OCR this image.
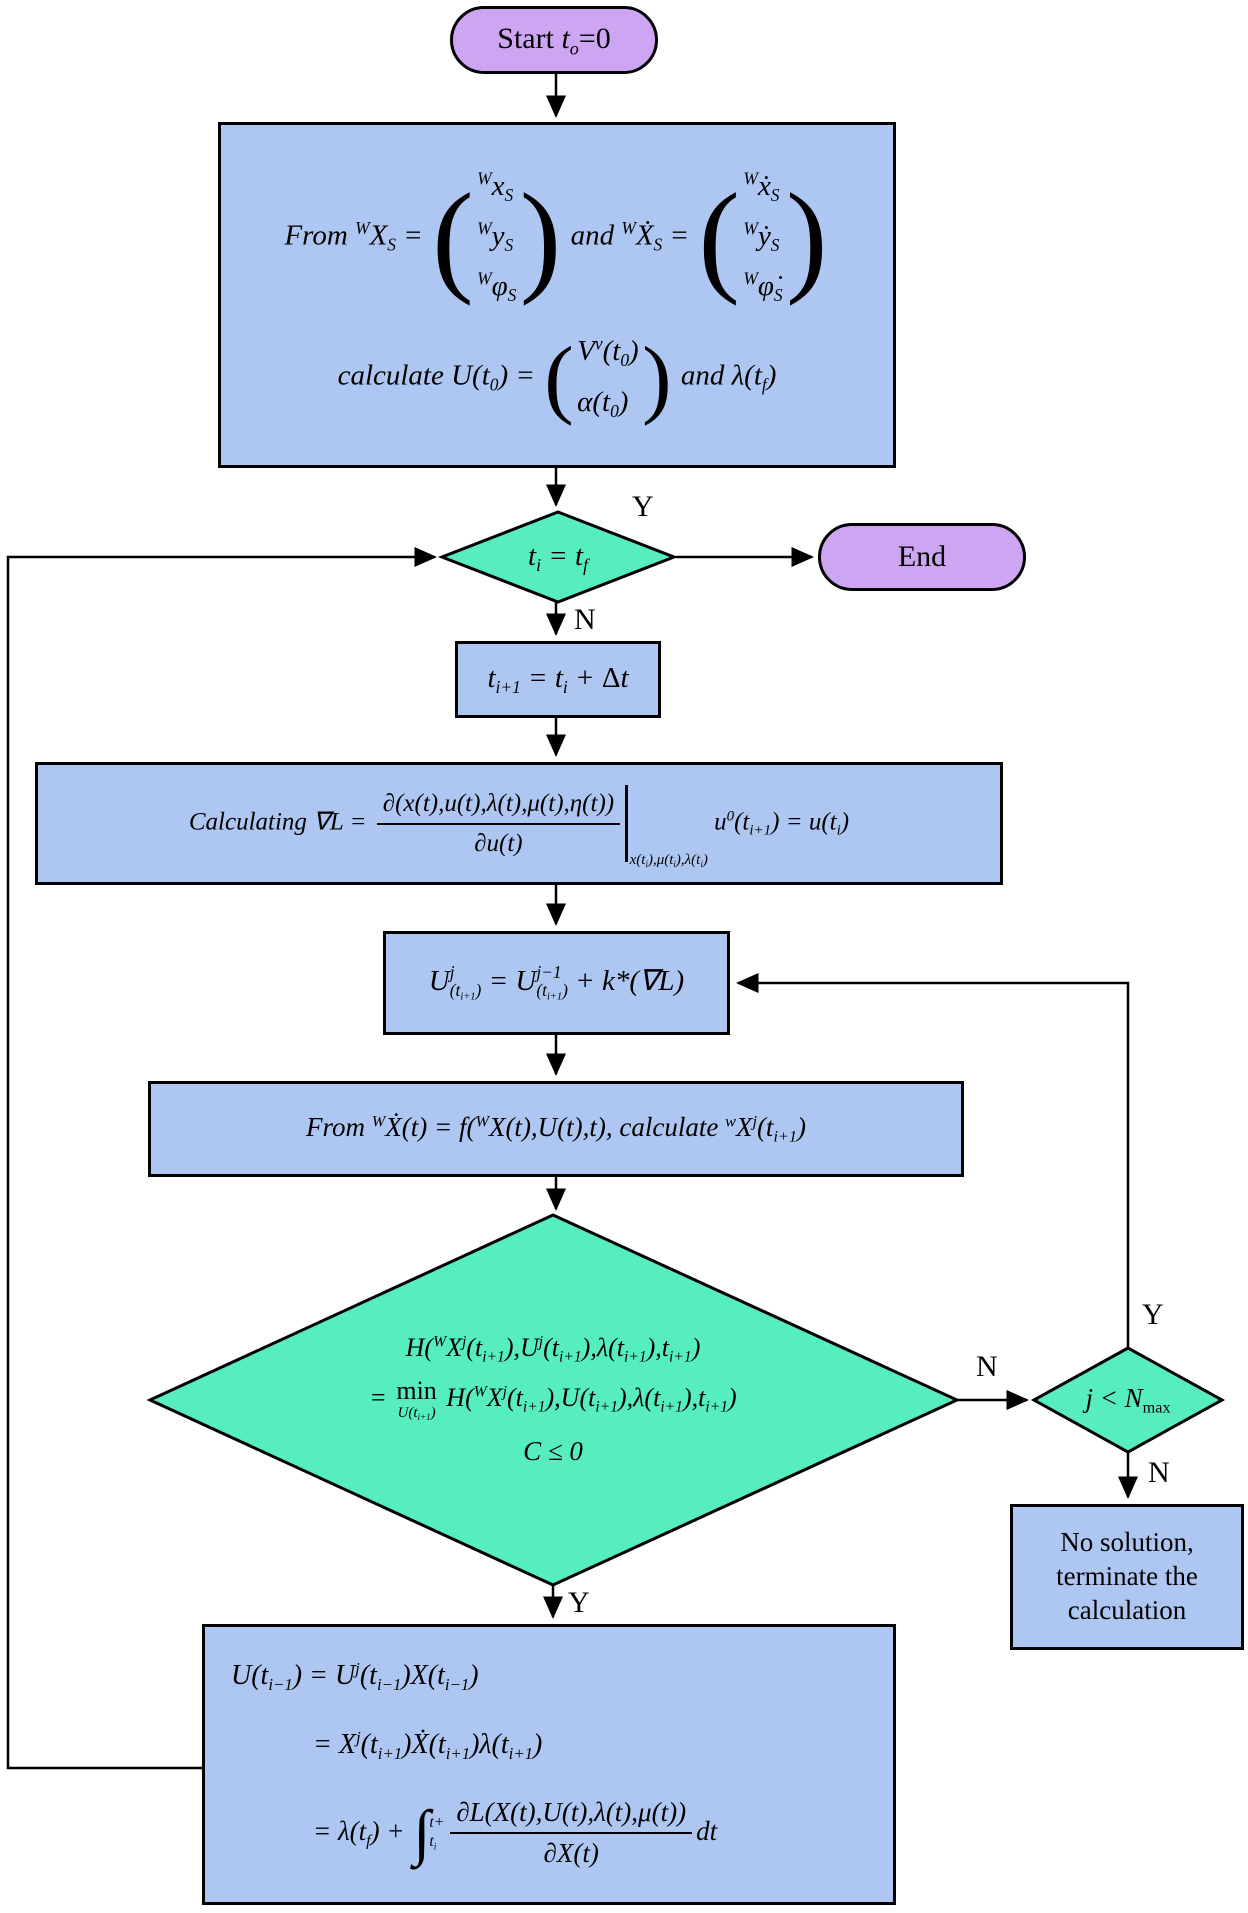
Start $t_o=0$
End
From $^WX_S$ = ( $^Wx_S$
$^Wy_S$
$^W\varphi_S$ ) and $^W$Ẋ$_S$ = ( $^W$ẋ$_S$
$^W$ẏ$_S$
$^W\varphi̇_S$ )
calculate $U(t_0)$ = ( $V^v(t_0)$
$\alpha(t_0)$ ) and $\lambda(t_f)$
$t_{i+1} = t_i + \Delta t$
Calculating $\nabla L = \frac{\partial(x(t),u(t),\lambda(t),\mu(t),\eta(t))}{\partial u(t)}$
$x(t_i),\mu(t_i),\lambda(t_i)$
$u^0(t_{i+1}) = u(t_i)$
U j
$(t_{i+1}) = U$ j−1
$(t_{i+1}) + k*(\nabla L)$
From $^W$Ẋ(t) = f($^W$X(t),U(t),t), calculate $^wX^j(t_{i+1})$
No solution,
terminate the
calculation
$U(t_{i-1}) = U^j(t_{i-1})X(t_{i-1})$
= $X^j(t_{i+1})Ẋ(t_{i+1})\lambda(t_{i+1})$
= $\lambda(t_f)$ + ∫ t+
$t_i \frac{\partial L(X(t),U(t),\lambda(t),\mu(t))}{\partial X(t)}$ dt
$t_i = t_f$
$H(^WX^j(t_{i+1}),U^j(t_{i+1}),\lambda(t_{i+1}),t_{i+1})$
= min
$U(t_{i+1})$
$H(^WX^j(t_{i+1}),U(t_{i+1}),\lambda(t_{i+1}),t_{i+1})$
C ≤ 0
$j < N_{max}$
Y
N
N
Y
N
Y
